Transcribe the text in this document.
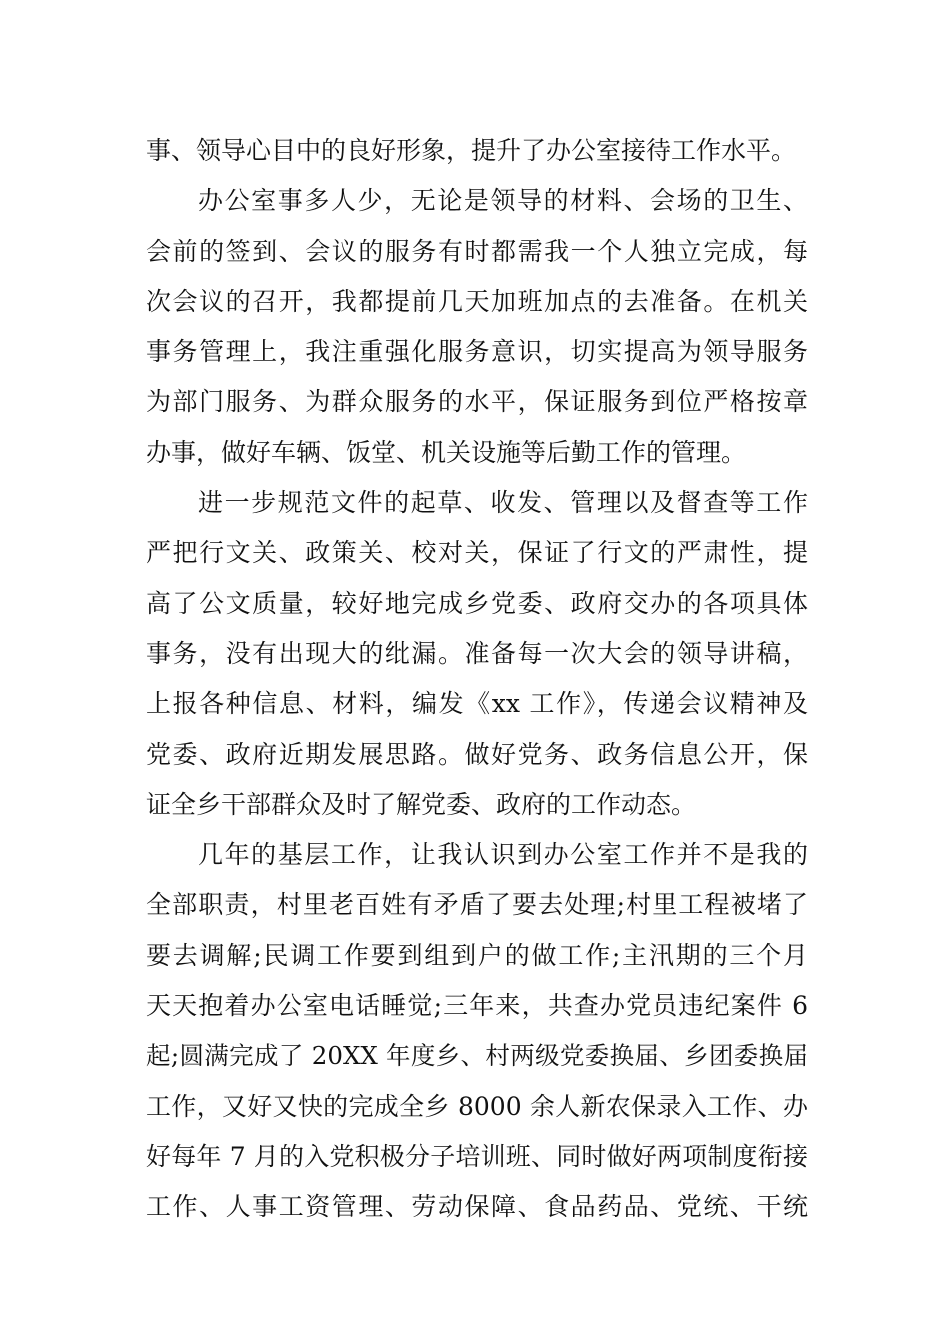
事、领导心目中的良好形象，提升了办公室接待工作水平。
办公室事多人少，无论是领导的材料、会场的卫生、
会前的签到、会议的服务有时都需我一个人独立完成，每
次会议的召开，我都提前几天加班加点的去准备。在机关
事务管理上，我注重强化服务意识，切实提高为领导服务
为部门服务、为群众服务的水平，保证服务到位严格按章
办事，做好车辆、饭堂、机关设施等后勤工作的管理。
进一步规范文件的起草、收发、管理以及督查等工作
严把行文关、政策关、校对关，保证了行文的严肃性，提
高了公文质量，较好地完成乡党委、政府交办的各项具体
事务，没有出现大的纰漏。准备每一次大会的领导讲稿，
上报各种信息、材料，编发《xx 工作》，传递会议精神及
党委、政府近期发展思路。做好党务、政务信息公开，保
证全乡干部群众及时了解党委、政府的工作动态。
几年的基层工作，让我认识到办公室工作并不是我的
全部职责，村里老百姓有矛盾了要去处理;村里工程被堵了
要去调解;民调工作要到组到户的做工作;主汛期的三个月
天天抱着办公室电话睡觉;三年来，共查办党员违纪案件 6
起;圆满完成了 20XX 年度乡、村两级党委换届、乡团委换届
工作，又好又快的完成全乡 8000 余人新农保录入工作、办
好每年 7 月的入党积极分子培训班、同时做好两项制度衔接
工作、人事工资管理、劳动保障、食品药品、党统、干统
